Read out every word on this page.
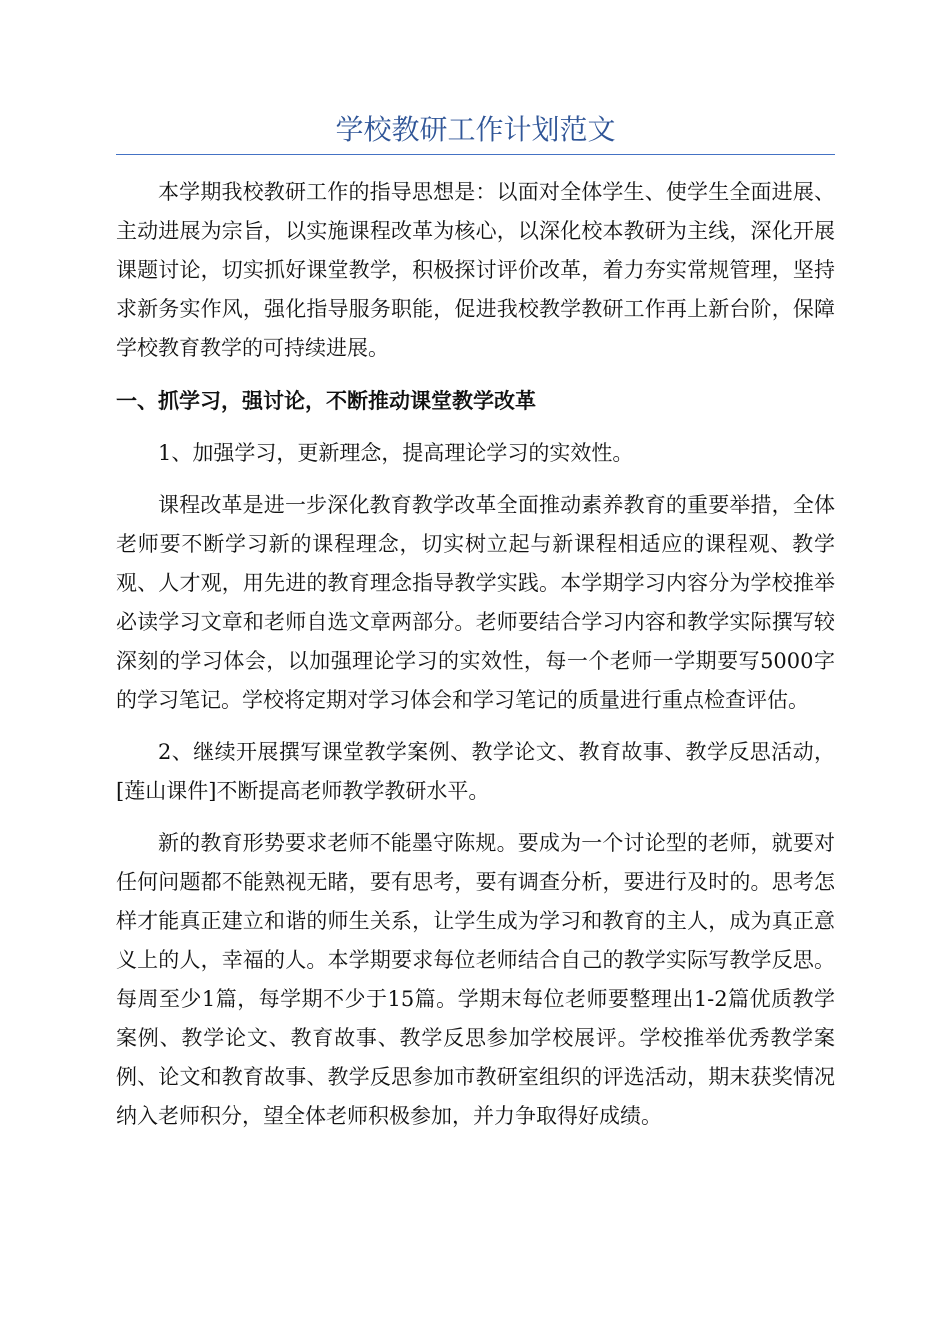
学校教研工作计划范文

本学期我校教研工作的指导思想是：以面对全体学生、使学生全面进展、主动进展为宗旨，以实施课程改革为核心，以深化校本教研为主线，深化开展课题讨论，切实抓好课堂教学，积极探讨评价改革，着力夯实常规管理，坚持求新务实作风，强化指导服务职能，促进我校教学教研工作再上新台阶，保障学校教育教学的可持续进展。

一、抓学习，强讨论，不断推动课堂教学改革

1、加强学习，更新理念，提高理论学习的实效性。

课程改革是进一步深化教育教学改革全面推动素养教育的重要举措，全体老师要不断学习新的课程理念，切实树立起与新课程相适应的课程观、教学观、人才观，用先进的教育理念指导教学实践。本学期学习内容分为学校推举必读学习文章和老师自选文章两部分。老师要结合学习内容和教学实际撰写较深刻的学习体会，以加强理论学习的实效性，每一个老师一学期要写5000字的学习笔记。学校将定期对学习体会和学习笔记的质量进行重点检查评估。

2、继续开展撰写课堂教学案例、教学论文、教育故事、教学反思活动，[莲山课件]不断提高老师教学教研水平。

新的教育形势要求老师不能墨守陈规。要成为一个讨论型的老师，就要对任何问题都不能熟视无睹，要有思考，要有调查分析，要进行及时的。思考怎样才能真正建立和谐的师生关系，让学生成为学习和教育的主人，成为真正意义上的人，幸福的人。本学期要求每位老师结合自己的教学实际写教学反思。每周至少1篇，每学期不少于15篇。学期末每位老师要整理出1-2篇优质教学案例、教学论文、教育故事、教学反思参加学校展评。学校推举优秀教学案例、论文和教育故事、教学反思参加市教研室组织的评选活动，期末获奖情况纳入老师积分，望全体老师积极参加，并力争取得好成绩。
